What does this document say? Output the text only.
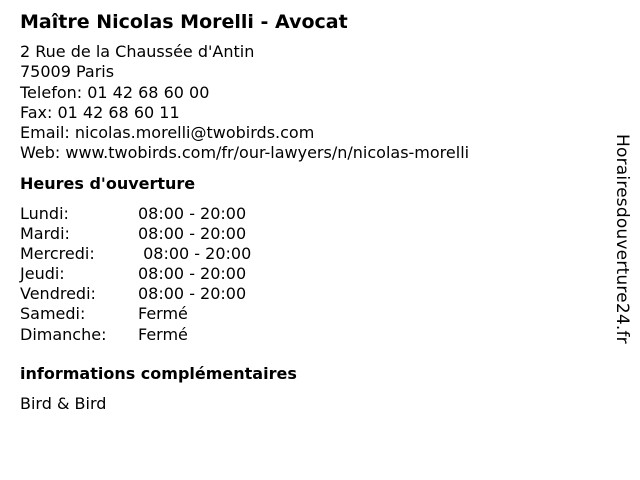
Maître Nicolas Morelli - Avocat
2 Rue de la Chaussée d'Antin
75009 Paris
Telefon: 01 42 68 60 00
Fax: 01 42 68 60 11
Email: nicolas.morelli@twobirds.com
Web: www.twobirds.com/fr/our-lawyers/n/nicolas-morelli
Heures d'ouverture
Lundi:	08:00 - 20:00
Mardi:	08:00 - 20:00
Mercredi:	08:00 - 20:00
Jeudi:	08:00 - 20:00
Vendredi:	08:00 - 20:00
Samedi:	Fermé
Dimanche:	Fermé
informations complémentaires
Bird & Bird
Horairesdouverture24.fr
